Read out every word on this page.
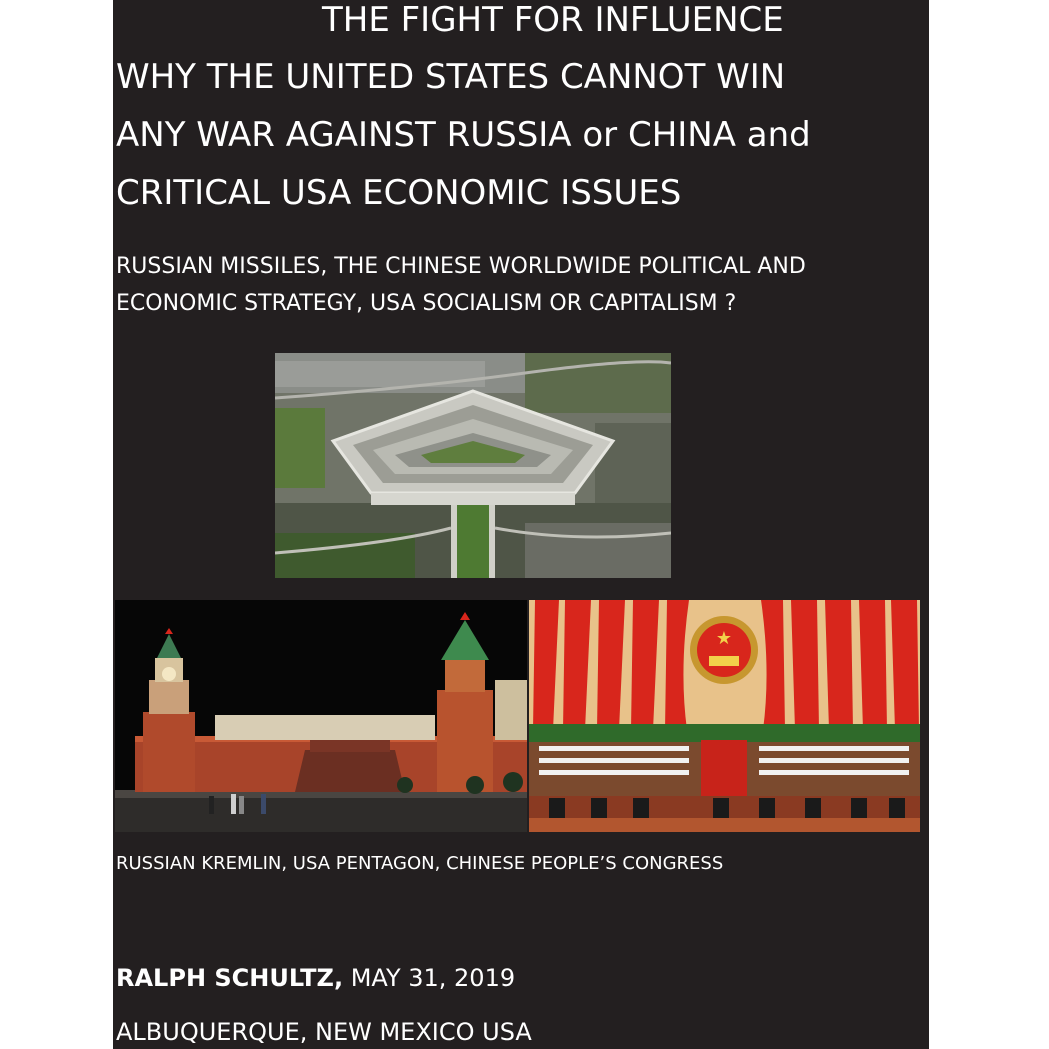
THE FIGHT FOR INFLUENCE
WHY THE UNITED STATES CANNOT WIN
ANY WAR AGAINST RUSSIA or CHINA and
CRITICAL USA ECONOMIC ISSUES
RUSSIAN MISSILES, THE CHINESE WORLDWIDE POLITICAL AND
ECONOMIC STRATEGY, USA SOCIALISM OR CAPITALISM ?
★
RUSSIAN KREMLIN, USA PENTAGON, CHINESE PEOPLE’S CONGRESS
RALPH SCHULTZ, MAY 31, 2019
ALBUQUERQUE, NEW MEXICO USA
